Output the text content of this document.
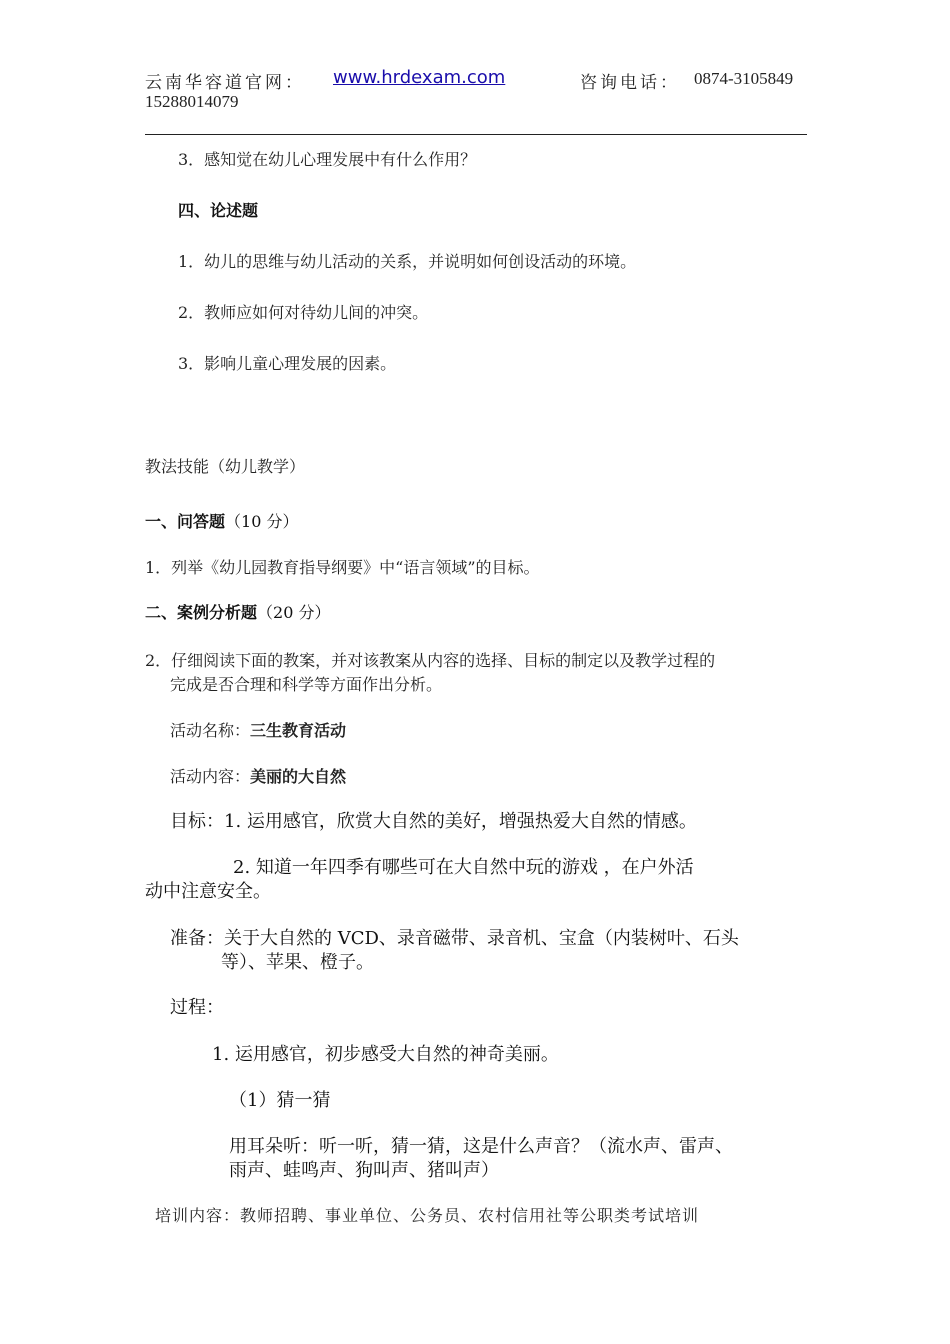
云南华容道官网： www.hrdexam.com	咨询电话： 0874-3105849
15288014079
3．感知觉在幼儿心理发展中有什么作用？
四、论述题
1．幼儿的思维与幼儿活动的关系，并说明如何创设活动的环境。
2．教师应如何对待幼儿间的冲突。
3．影响儿童心理发展的因素。
教法技能（幼儿教学）
一、问答题（10 分）
1．列举《幼儿园教育指导纲要》中“语言领域”的目标。
二、案例分析题（20 分）
2．仔细阅读下面的教案，并对该教案从内容的选择、目标的制定以及教学过程的
完成是否合理和科学等方面作出分析。
活动名称：三生教育活动
活动内容：美丽的大自然
目标：1. 运用感官，欣赏大自然的美好，增强热爱大自然的情感。
2. 知道一年四季有哪些可在大自然中玩的游戏 ，在户外活
动中注意安全。
准备：关于大自然的 VCD、录音磁带、录音机、宝盒（内装树叶、石头
等）、苹果、橙子。
过程：
1. 运用感官，初步感受大自然的神奇美丽。
（1）猜一猜
用耳朵听：听一听，猜一猜，这是什么声音？（流水声、雷声、
雨声、蛙鸣声、狗叫声、猪叫声）
培训内容：教师招聘、事业单位、公务员、农村信用社等公职类考试培训
